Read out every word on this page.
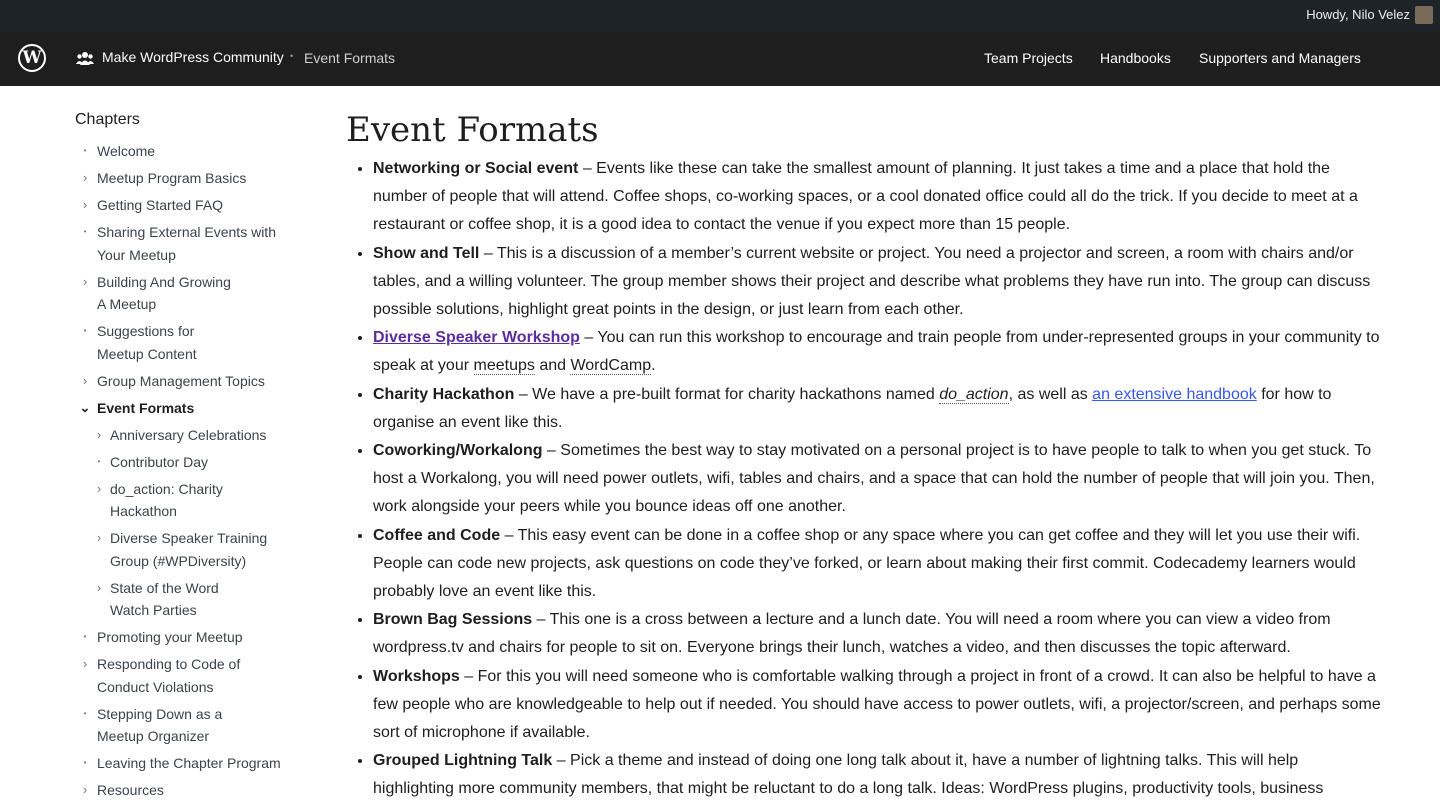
Howdy, Nilo Velez
W	Make WordPress Community • Event Formats	Team Projects Handbooks Supporters and Managers
Chapters
• Welcome
› Meetup Program Basics
› Getting Started FAQ
• Sharing External Events with
Your Meetup
› Building And Growing
A Meetup
• Suggestions for
Meetup Content
› Group Management Topics
⌄ Event Formats
› Anniversary Celebrations
• Contributor Day
› do_action: Charity
Hackathon
› Diverse Speaker Training
Group (#WPDiversity)
› State of the Word
Watch Parties
• Promoting your Meetup
› Responding to Code of
Conduct Violations
• Stepping Down as a
Meetup Organizer
• Leaving the Chapter Program
› Resources
Event Formats
• Networking or Social event – Events like these can take the smallest amount of planning. It just takes a time and a place that hold the number of people that will attend. Coffee shops, co-working spaces, or a cool donated office could all do the trick. If you decide to meet at a restaurant or coffee shop, it is a good idea to contact the venue if you expect more than 15 people.
• Show and Tell – This is a discussion of a member’s current website or project. You need a projector and screen, a room with chairs and/or tables, and a willing volunteer. The group member shows their project and describe what problems they have run into. The group can discuss possible solutions, highlight great points in the design, or just learn from each other.
• Diverse Speaker Workshop – You can run this workshop to encourage and train people from under-represented groups in your community to speak at your meetups and WordCamp.
• Charity Hackathon – We have a pre-built format for charity hackathons named do_action, as well as an extensive handbook for how to organise an event like this.
• Coworking/Workalong – Sometimes the best way to stay motivated on a personal project is to have people to talk to when you get stuck. To host a Workalong, you will need power outlets, wifi, tables and chairs, and a space that can hold the number of people that will join you. Then, work alongside your peers while you bounce ideas off one another.
• Coffee and Code – This easy event can be done in a coffee shop or any space where you can get coffee and they will let you use their wifi. People can code new projects, ask questions on code they’ve forked, or learn about making their first commit. Codecademy learners would probably love an event like this.
• Brown Bag Sessions – This one is a cross between a lecture and a lunch date. You will need a room where you can view a video from wordpress.tv and chairs for people to sit on. Everyone brings their lunch, watches a video, and then discusses the topic afterward.
• Workshops – For this you will need someone who is comfortable walking through a project in front of a crowd. It can also be helpful to have a few people who are knowledgeable to help out if needed. You should have access to power outlets, wifi, a projector/screen, and perhaps some sort of microphone if available.
• Grouped Lightning Talk – Pick a theme and instead of doing one long talk about it, have a number of lightning talks. This will help highlighting more community members, that might be reluctant to do a long talk. Ideas: WordPress plugins, productivity tools, business
